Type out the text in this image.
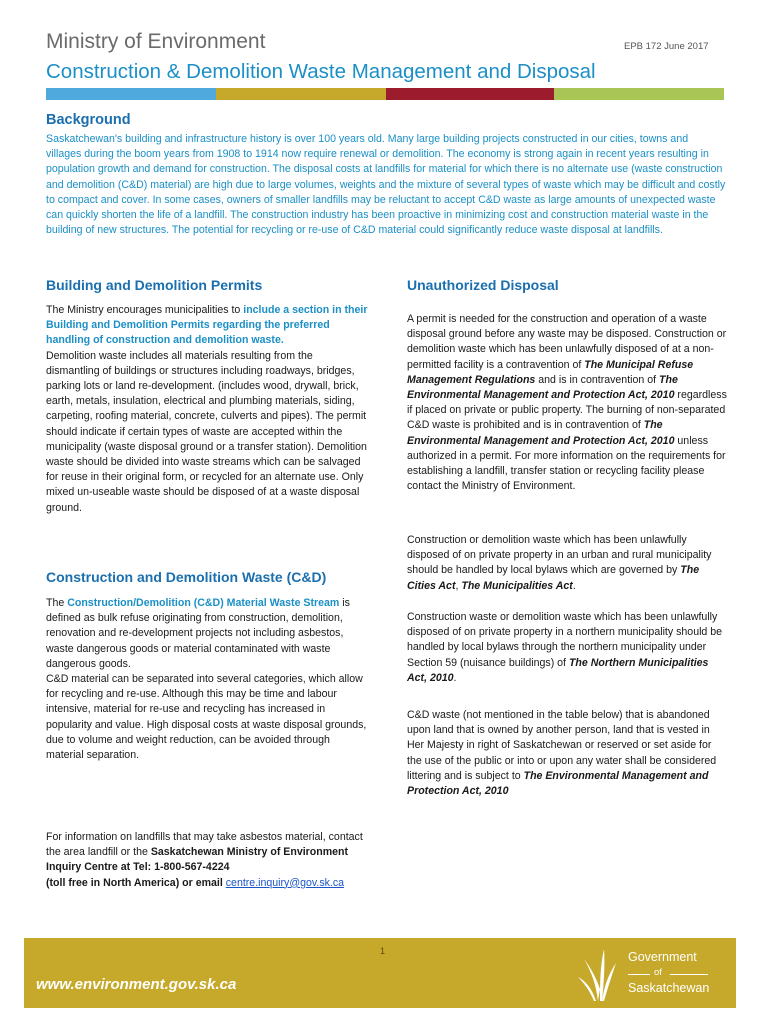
Ministry of Environment	EPB 172 June 2017
Construction & Demolition Waste Management and Disposal
Background
Saskatchewan's building and infrastructure history is over 100 years old. Many large building projects constructed in our cities, towns and villages during the boom years from 1908 to 1914 now require renewal or demolition. The economy is strong again in recent years resulting in population growth and demand for construction. The disposal costs at landfills for material for which there is no alternate use (waste construction and demolition (C&D) material) are high due to large volumes, weights and the mixture of several types of waste which may be difficult and costly to compact and cover. In some cases, owners of smaller landfills may be reluctant to accept C&D waste as large amounts of unexpected waste can quickly shorten the life of a landfill. The construction industry has been proactive in minimizing cost and construction material waste in the building of new structures. The potential for recycling or re-use of C&D material could significantly reduce waste disposal at landfills.
Building and Demolition Permits
The Ministry encourages municipalities to include a section in their Building and Demolition Permits regarding the preferred handling of construction and demolition waste.
Demolition waste includes all materials resulting from the dismantling of buildings or structures including roadways, bridges, parking lots or land re-development. (includes wood, drywall, brick, earth, metals, insulation, electrical and plumbing materials, siding, carpeting, roofing material, concrete, culverts and pipes). The permit should indicate if certain types of waste are accepted within the municipality (waste disposal ground or a transfer station). Demolition waste should be divided into waste streams which can be salvaged for reuse in their original form, or recycled for an alternate use. Only mixed un-useable waste should be disposed of at a waste disposal ground.
Construction and Demolition Waste (C&D)
The Construction/Demolition (C&D) Material Waste Stream is defined as bulk refuse originating from construction, demolition, renovation and re-development projects not including asbestos, waste dangerous goods or material contaminated with waste dangerous goods.
C&D material can be separated into several categories, which allow for recycling and re-use. Although this may be time and labour intensive, material for re-use and recycling has increased in popularity and value. High disposal costs at waste disposal grounds, due to volume and weight reduction, can be avoided through material separation.
For information on landfills that may take asbestos material, contact the area landfill or the Saskatchewan Ministry of Environment Inquiry Centre at Tel: 1-800-567-4224
(toll free in North America) or email centre.inquiry@gov.sk.ca
Unauthorized Disposal
A permit is needed for the construction and operation of a waste disposal ground before any waste may be disposed. Construction or demolition waste which has been unlawfully disposed of at a non-permitted facility is a contravention of The Municipal Refuse Management Regulations and is in contravention of The Environmental Management and Protection Act, 2010 regardless if placed on private or public property. The burning of non-separated C&D waste is prohibited and is in contravention of The Environmental Management and Protection Act, 2010 unless authorized in a permit. For more information on the requirements for establishing a landfill, transfer station or recycling facility please contact the Ministry of Environment.
Construction or demolition waste which has been unlawfully disposed of on private property in an urban and rural municipality should be handled by local bylaws which are governed by The Cities Act, The Municipalities Act.
Construction waste or demolition waste which has been unlawfully disposed of on private property in a northern municipality should be handled by local bylaws through the northern municipality under Section 59 (nuisance buildings) of The Northern Municipalities Act, 2010.
C&D waste (not mentioned in the table below) that is abandoned upon land that is owned by another person, land that is vested in Her Majesty in right of Saskatchewan or reserved or set aside for the use of the public or into or upon any water shall be considered littering and is subject to The Environmental Management and Protection Act, 2010
1
www.environment.gov.sk.ca
Government
of
Saskatchewan
